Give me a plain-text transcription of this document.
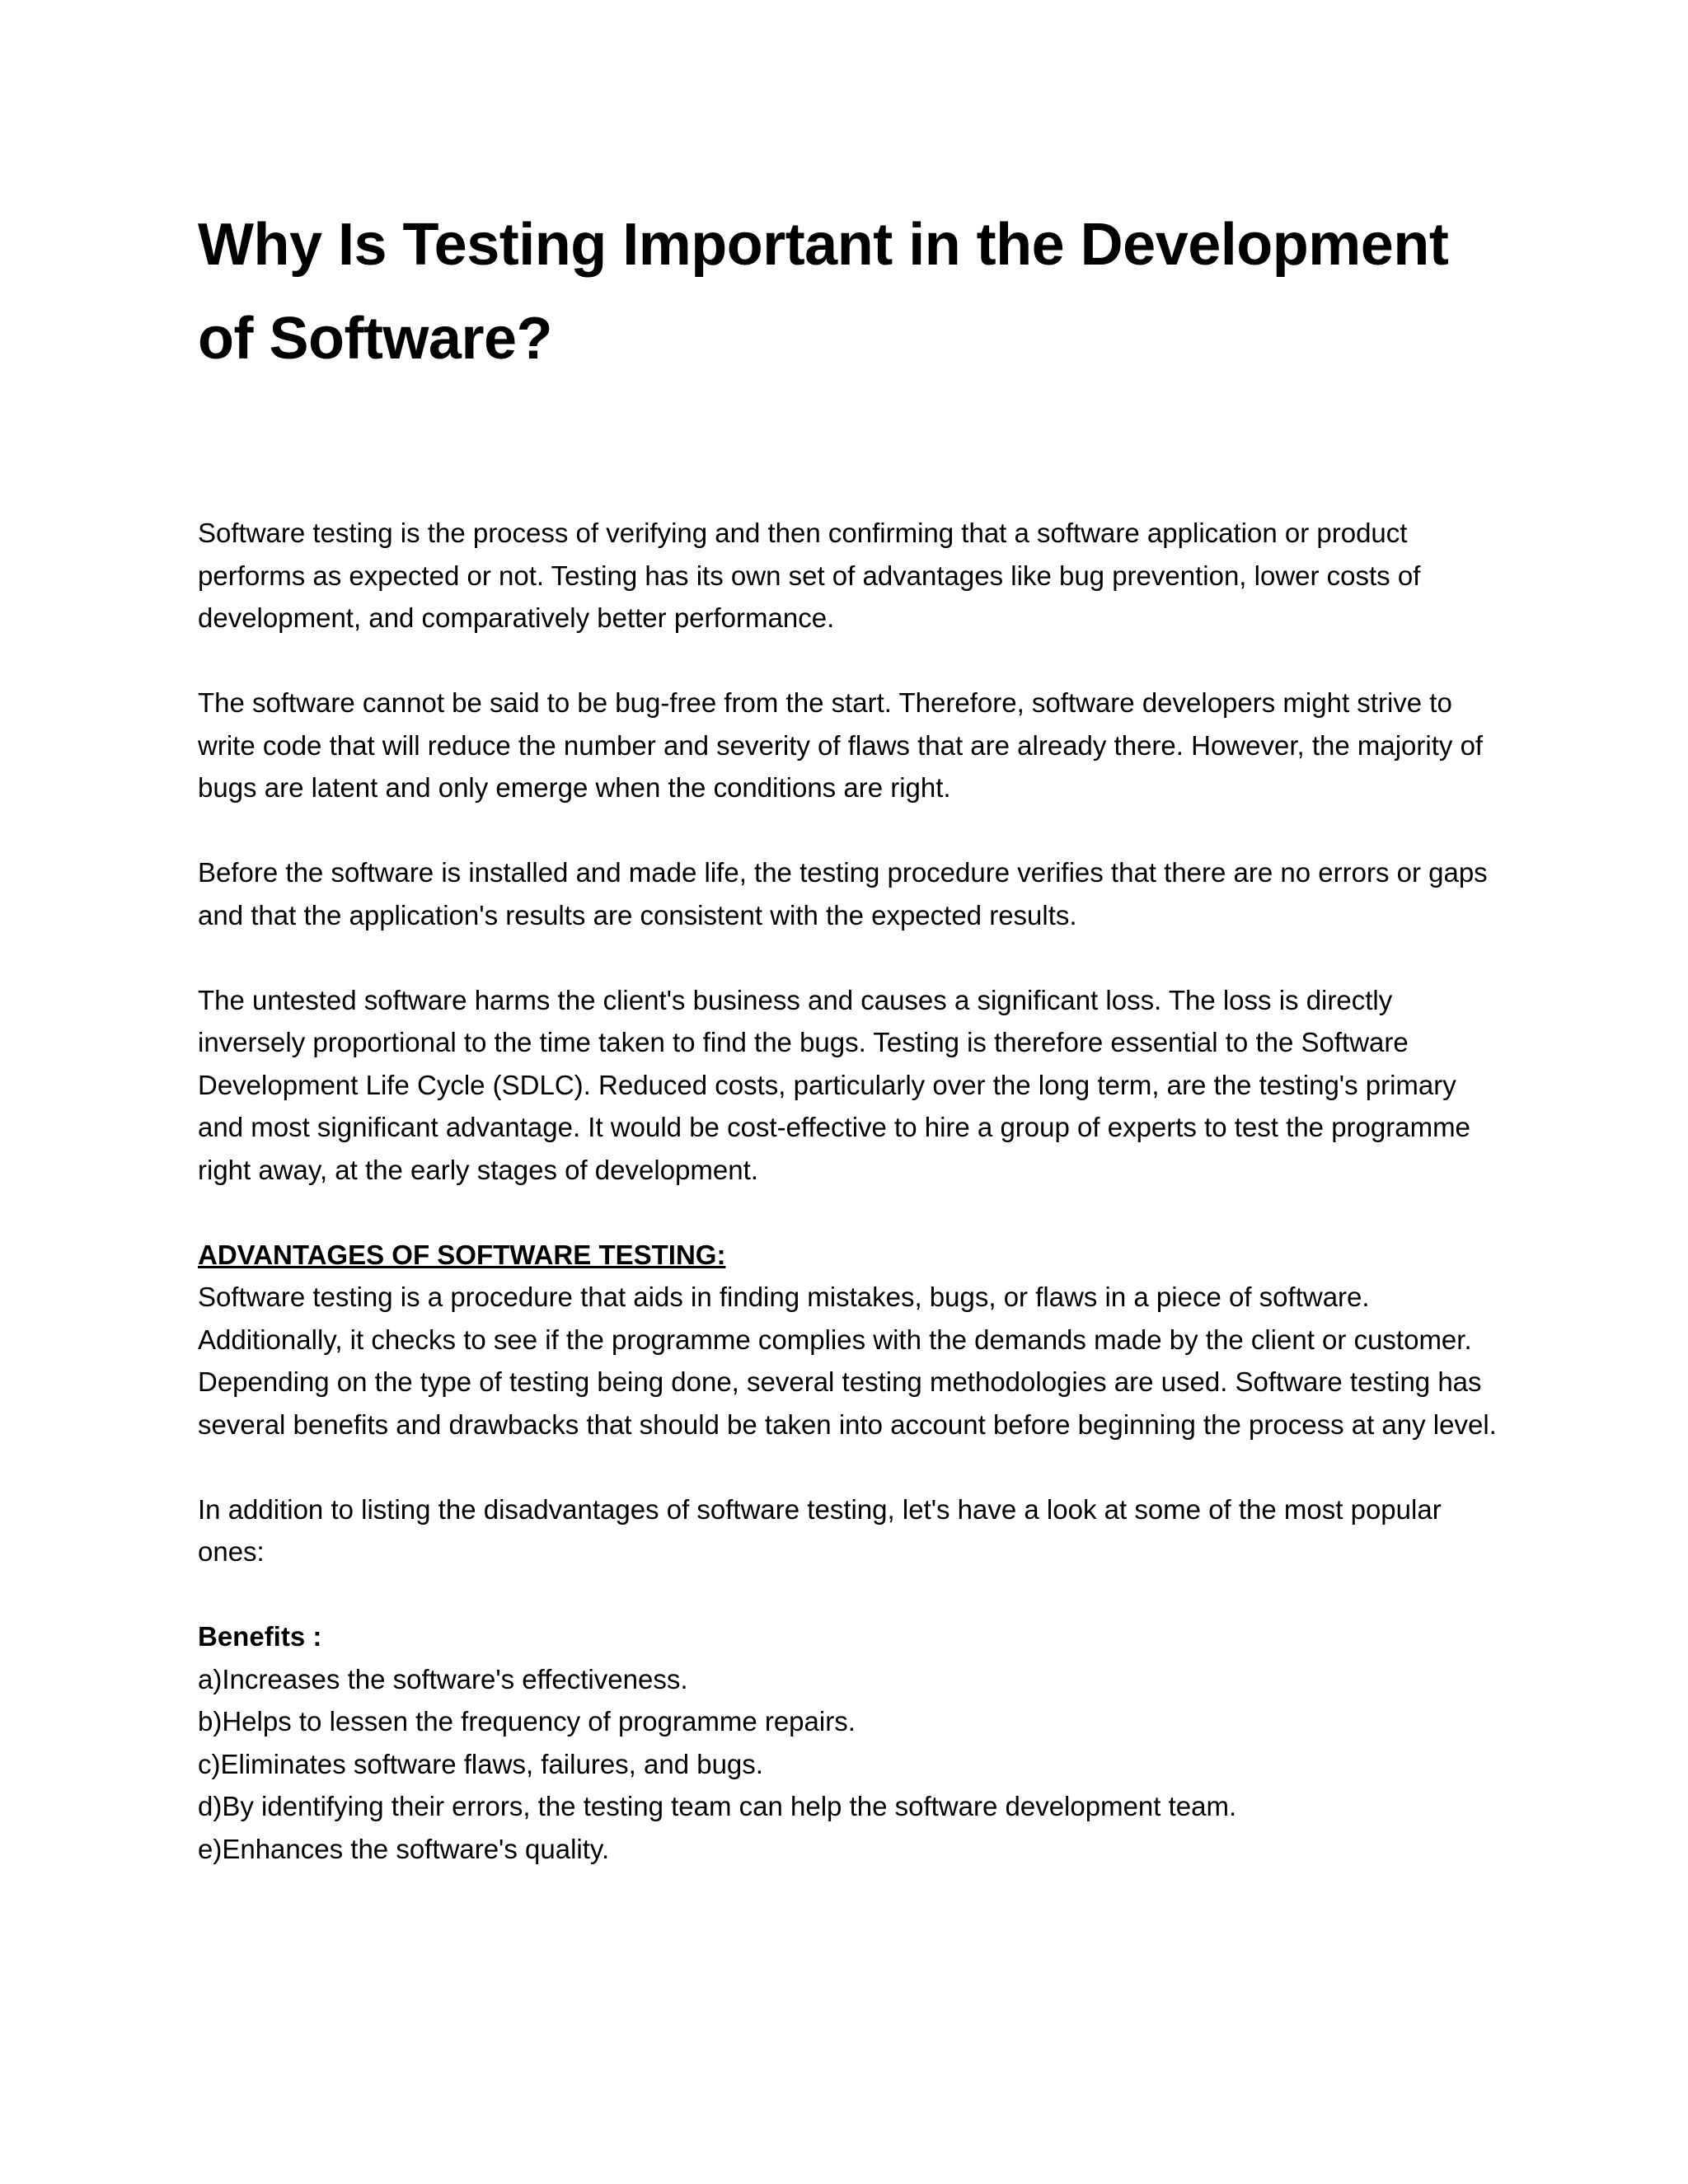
Why Is Testing Important in the Development of Software?

Software testing is the process of verifying and then confirming that a software application or product performs as expected or not. Testing has its own set of advantages like bug prevention, lower costs of development, and comparatively better performance.

The software cannot be said to be bug-free from the start. Therefore, software developers might strive to write code that will reduce the number and severity of flaws that are already there. However, the majority of bugs are latent and only emerge when the conditions are right.

Before the software is installed and made life, the testing procedure verifies that there are no errors or gaps and that the application's results are consistent with the expected results.

The untested software harms the client's business and causes a significant loss. The loss is directly inversely proportional to the time taken to find the bugs. Testing is therefore essential to the Software Development Life Cycle (SDLC). Reduced costs, particularly over the long term, are the testing's primary and most significant advantage. It would be cost-effective to hire a group of experts to test the programme right away, at the early stages of development.

ADVANTAGES OF SOFTWARE TESTING:

Software testing is a procedure that aids in finding mistakes, bugs, or flaws in a piece of software. Additionally, it checks to see if the programme complies with the demands made by the client or customer. Depending on the type of testing being done, several testing methodologies are used. Software testing has several benefits and drawbacks that should be taken into account before beginning the process at any level.

In addition to listing the disadvantages of software testing, let's have a look at some of the most popular ones:

Benefits :

a)Increases the software's effectiveness.
b)Helps to lessen the frequency of programme repairs.
c)Eliminates software flaws, failures, and bugs.
d)By identifying their errors, the testing team can help the software development team.
e)Enhances the software's quality.
